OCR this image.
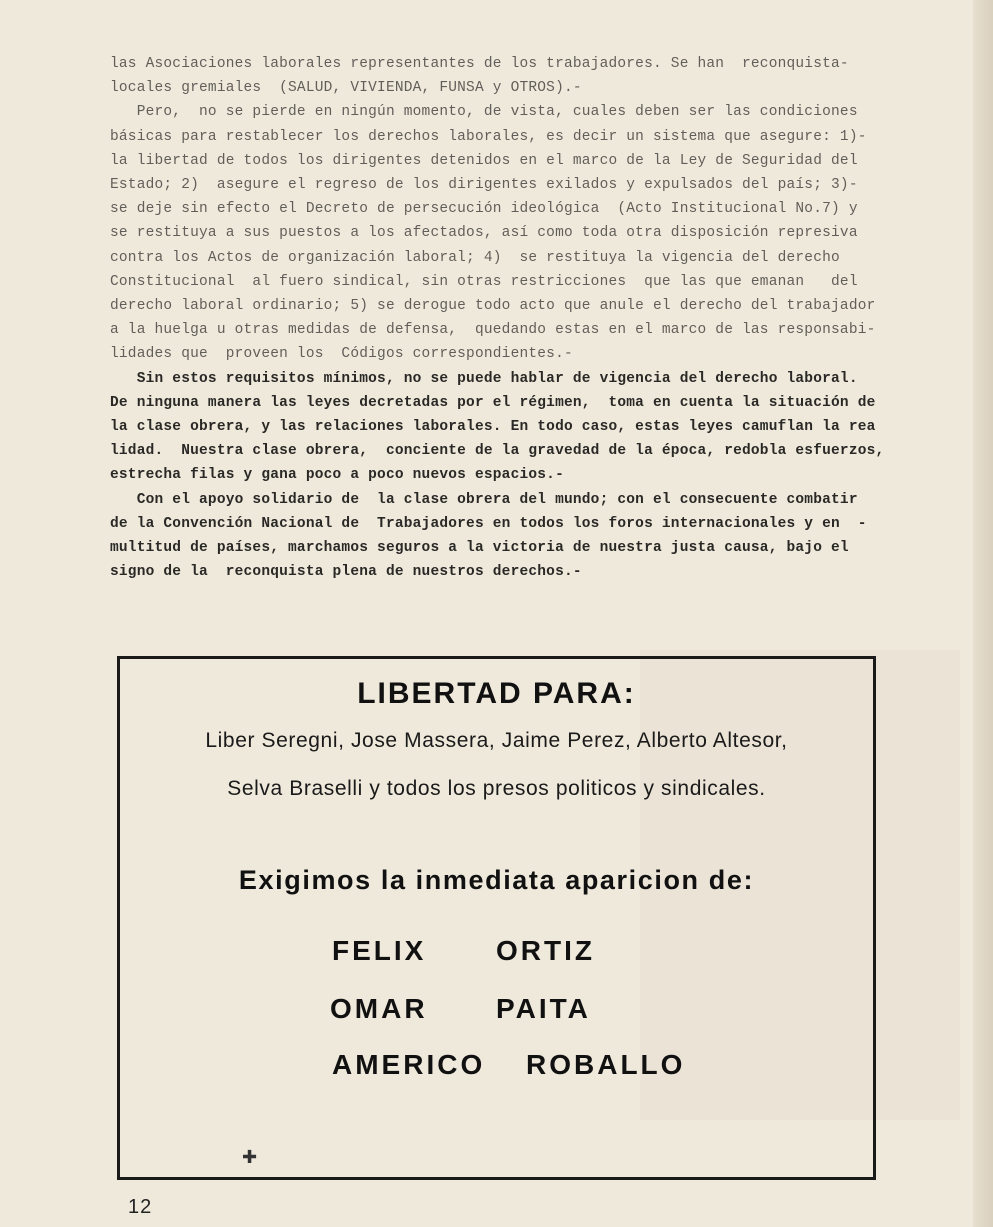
las Asociaciones laborales representantes de los trabajadores. Se han  reconquista-

locales gremiales  (SALUD, VIVIENDA, FUNSA y OTROS).-

Pero,  no se pierde en ningún momento, de vista, cuales deben ser las condiciones

básicas para restablecer los derechos laborales, es decir un sistema que asegure: 1)-

la libertad de todos los dirigentes detenidos en el marco de la Ley de Seguridad del

Estado; 2)  asegure el regreso de los dirigentes exilados y expulsados del país; 3)-

se deje sin efecto el Decreto de persecución ideológica  (Acto Institucional No.7) y

se restituya a sus puestos a los afectados, así como toda otra disposición represiva

contra los Actos de organización laboral; 4)  se restituya la vigencia del derecho

Constitucional  al fuero sindical, sin otras restricciones  que las que emanan   del

derecho laboral ordinario; 5) se derogue todo acto que anule el derecho del trabajador

a la huelga u otras medidas de defensa,  quedando estas en el marco de las responsabi-

lidades que  proveen los  Códigos correspondientes.-

Sin estos requisitos mínimos, no se puede hablar de vigencia del derecho laboral.

De ninguna manera las leyes decretadas por el régimen,  toma en cuenta la situación de

la clase obrera, y las relaciones laborales. En todo caso, estas leyes camuflan la rea

lidad.  Nuestra clase obrera,  conciente de la gravedad de la época, redobla esfuerzos,

estrecha filas y gana poco a poco nuevos espacios.-

Con el apoyo solidario de  la clase obrera del mundo; con el consecuente combatir

de la Convención Nacional de  Trabajadores en todos los foros internacionales y en  -

multitud de países, marchamos seguros a la victoria de nuestra justa causa, bajo el

signo de la  reconquista plena de nuestros derechos.-

LIBERTAD PARA:
Liber Seregni, Jose Massera, Jaime Perez, Alberto Altesor,
Selva Braselli y todos los presos politicos y sindicales.
Exigimos la inmediata aparicion de:
FELIX ORTIZ
OMAR PAITA
AMERICO ROBALLO
✚
12
